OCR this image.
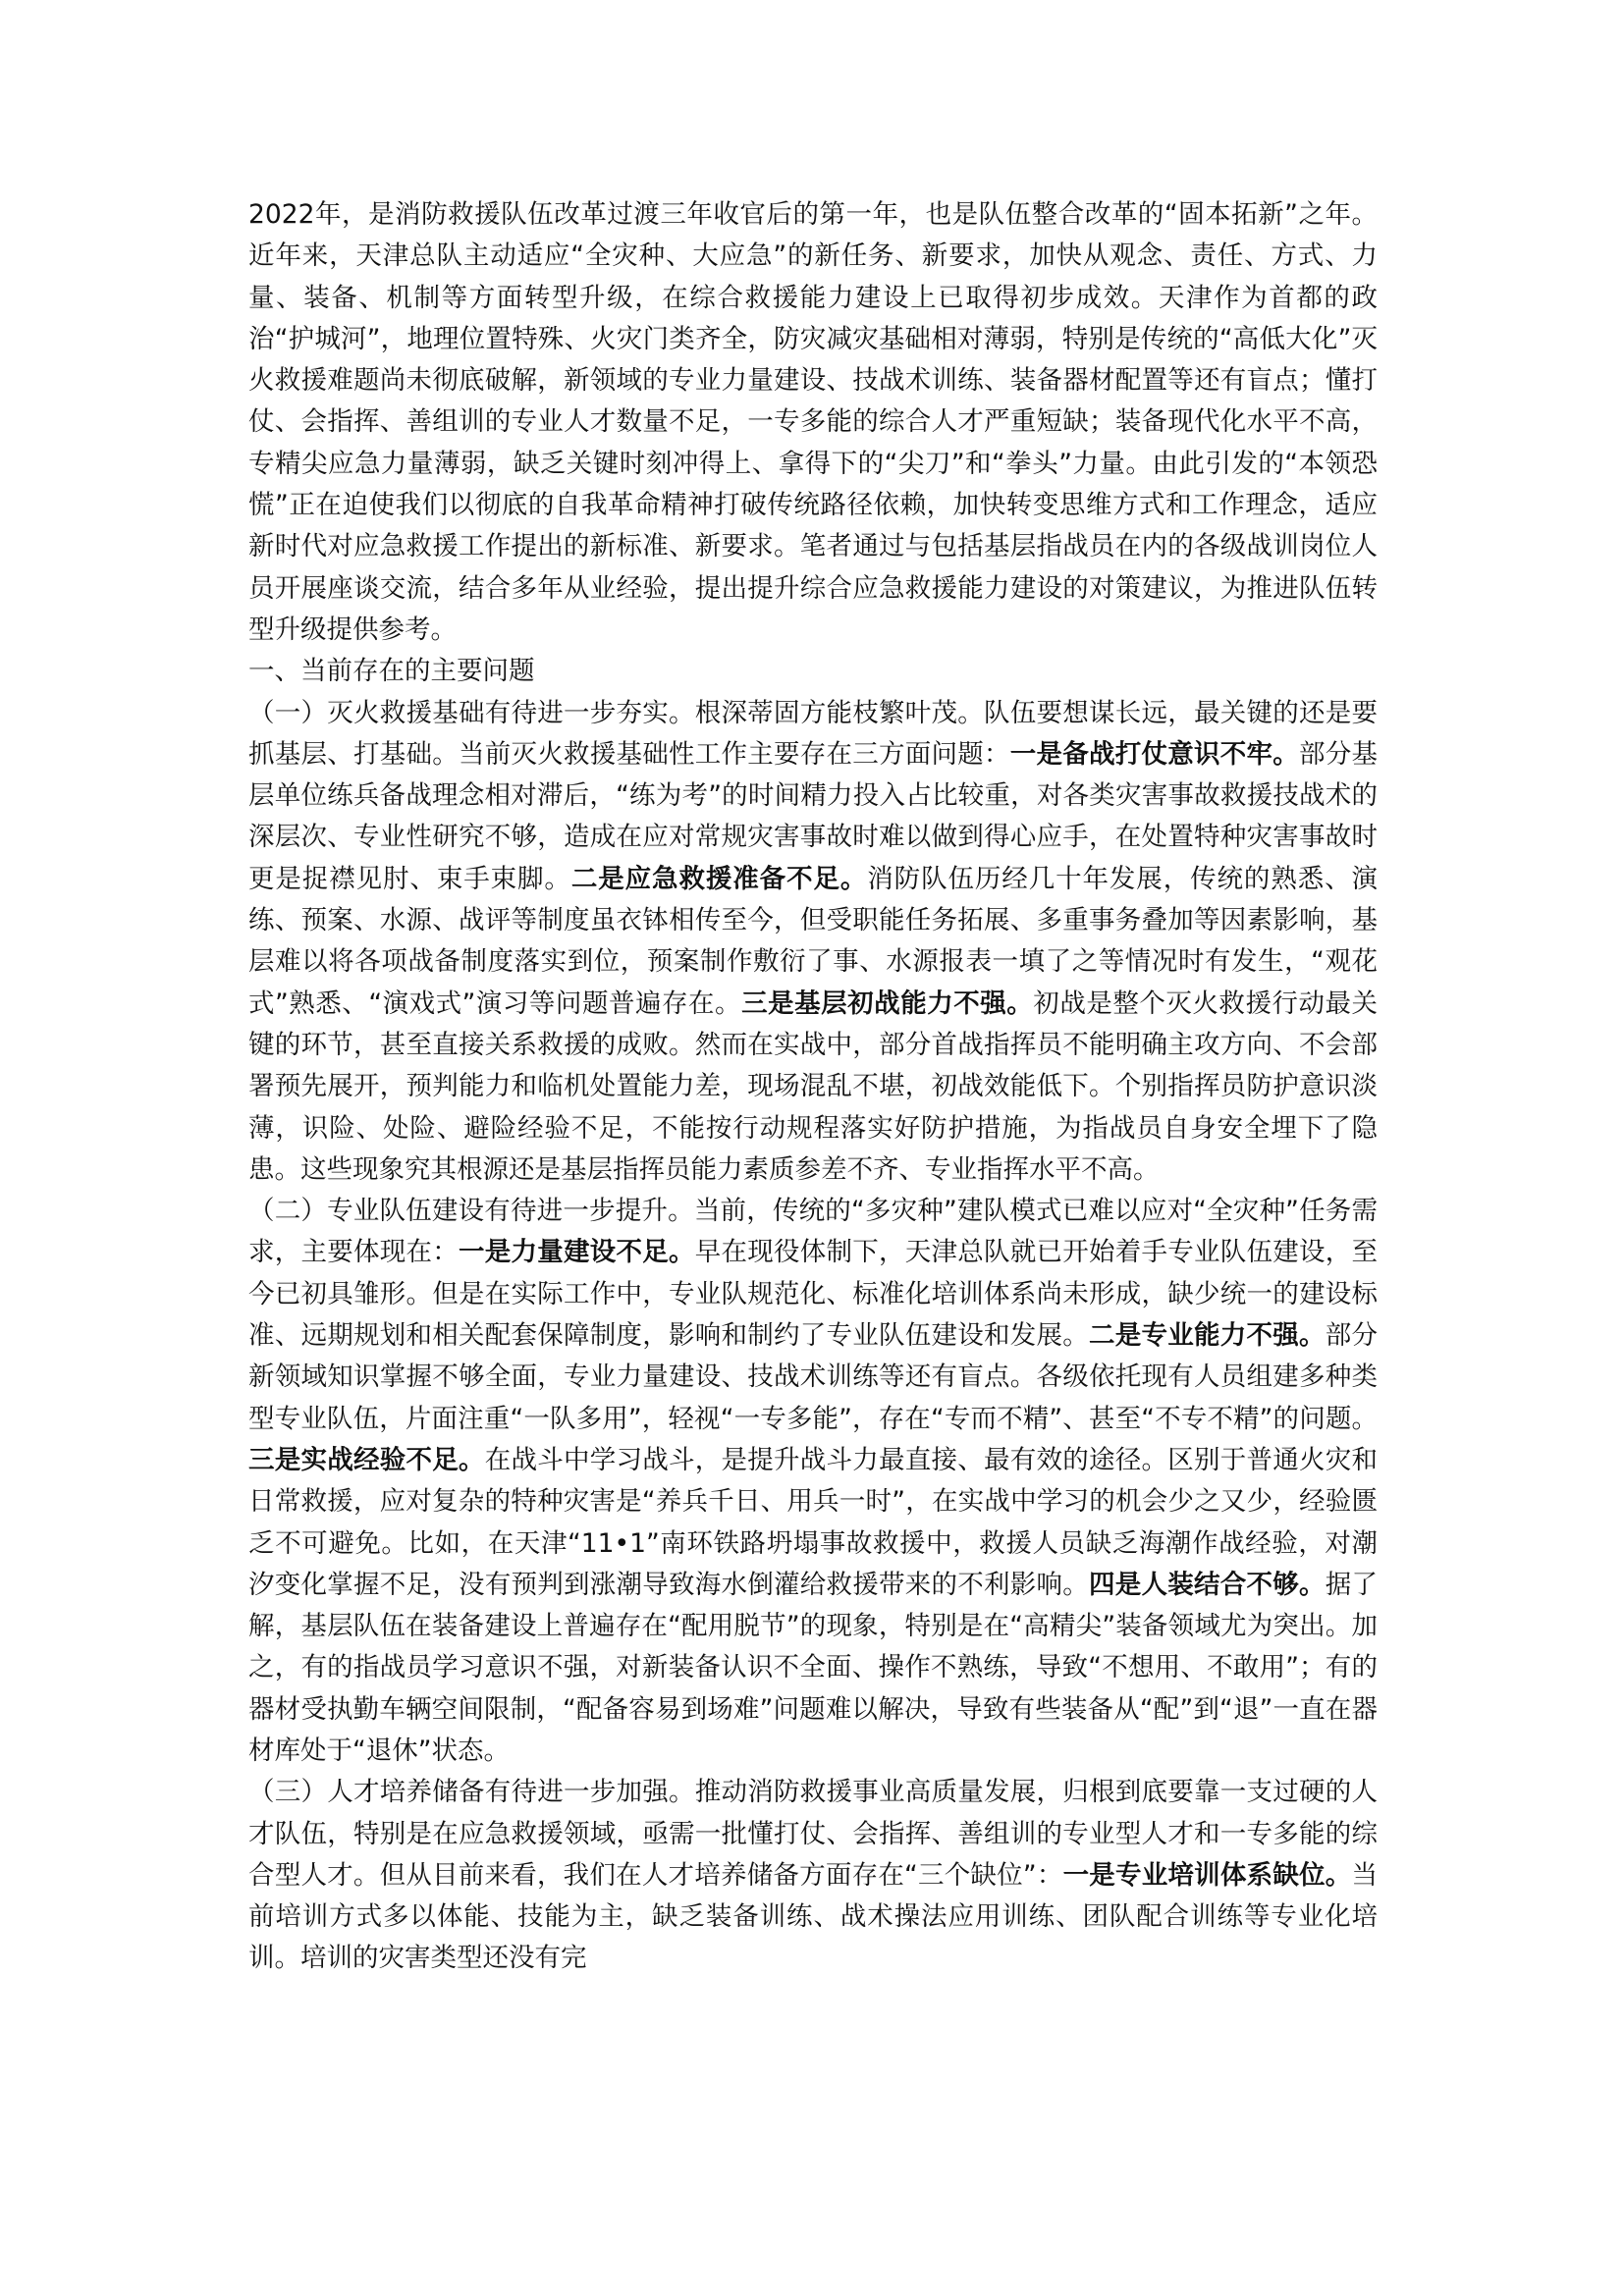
2022年，是消防救援队伍改革过渡三年收官后的第一年，也是队伍整合改革的“固本拓新”之年。近年来，天津总队主动适应“全灾种、大应急”的新任务、新要求，加快从观念、责任、方式、力量、装备、机制等方面转型升级，在综合救援能力建设上已取得初步成效。天津作为首都的政治“护城河”，地理位置特殊、火灾门类齐全，防灾减灾基础相对薄弱，特别是传统的“高低大化”灭火救援难题尚未彻底破解，新领域的专业力量建设、技战术训练、装备器材配置等还有盲点；懂打仗、会指挥、善组训的专业人才数量不足，一专多能的综合人才严重短缺；装备现代化水平不高，专精尖应急力量薄弱，缺乏关键时刻冲得上、拿得下的“尖刀”和“拳头”力量。由此引发的“本领恐慌”正在迫使我们以彻底的自我革命精神打破传统路径依赖，加快转变思维方式和工作理念，适应新时代对应急救援工作提出的新标准、新要求。笔者通过与包括基层指战员在内的各级战训岗位人员开展座谈交流，结合多年从业经验，提出提升综合应急救援能力建设的对策建议，为推进队伍转型升级提供参考。

一、当前存在的主要问题

（一）灭火救援基础有待进一步夯实。根深蒂固方能枝繁叶茂。队伍要想谋长远，最关键的还是要抓基层、打基础。当前灭火救援基础性工作主要存在三方面问题：一是备战打仗意识不牢。部分基层单位练兵备战理念相对滞后，“练为考”的时间精力投入占比较重，对各类灾害事故救援技战术的深层次、专业性研究不够，造成在应对常规灾害事故时难以做到得心应手，在处置特种灾害事故时更是捉襟见肘、束手束脚。二是应急救援准备不足。消防队伍历经几十年发展，传统的熟悉、演练、预案、水源、战评等制度虽衣钵相传至今，但受职能任务拓展、多重事务叠加等因素影响，基层难以将各项战备制度落实到位，预案制作敷衍了事、水源报表一填了之等情况时有发生，“观花式”熟悉、“演戏式”演习等问题普遍存在。三是基层初战能力不强。初战是整个灭火救援行动最关键的环节，甚至直接关系救援的成败。然而在实战中，部分首战指挥员不能明确主攻方向、不会部署预先展开，预判能力和临机处置能力差，现场混乱不堪，初战效能低下。个别指挥员防护意识淡薄，识险、处险、避险经验不足，不能按行动规程落实好防护措施，为指战员自身安全埋下了隐患。这些现象究其根源还是基层指挥员能力素质参差不齐、专业指挥水平不高。

（二）专业队伍建设有待进一步提升。当前，传统的“多灾种”建队模式已难以应对“全灾种”任务需求，主要体现在：一是力量建设不足。早在现役体制下，天津总队就已开始着手专业队伍建设，至今已初具雏形。但是在实际工作中，专业队规范化、标准化培训体系尚未形成，缺少统一的建设标准、远期规划和相关配套保障制度，影响和制约了专业队伍建设和发展。二是专业能力不强。部分新领域知识掌握不够全面，专业力量建设、技战术训练等还有盲点。各级依托现有人员组建多种类型专业队伍，片面注重“一队多用”，轻视“一专多能”，存在“专而不精”、甚至“不专不精”的问题。三是实战经验不足。在战斗中学习战斗，是提升战斗力最直接、最有效的途径。区别于普通火灾和日常救援，应对复杂的特种灾害是“养兵千日、用兵一时”，在实战中学习的机会少之又少，经验匮乏不可避免。比如，在天津“11•1”南环铁路坍塌事故救援中，救援人员缺乏海潮作战经验，对潮汐变化掌握不足，没有预判到涨潮导致海水倒灌给救援带来的不利影响。四是人装结合不够。据了解，基层队伍在装备建设上普遍存在“配用脱节”的现象，特别是在“高精尖”装备领域尤为突出。加之，有的指战员学习意识不强，对新装备认识不全面、操作不熟练，导致“不想用、不敢用”；有的器材受执勤车辆空间限制，“配备容易到场难”问题难以解决，导致有些装备从“配”到“退”一直在器材库处于“退休”状态。

（三）人才培养储备有待进一步加强。推动消防救援事业高质量发展，归根到底要靠一支过硬的人才队伍，特别是在应急救援领域，亟需一批懂打仗、会指挥、善组训的专业型人才和一专多能的综合型人才。但从目前来看，我们在人才培养储备方面存在“三个缺位”：一是专业培训体系缺位。当前培训方式多以体能、技能为主，缺乏装备训练、战术操法应用训练、团队配合训练等专业化培训。培训的灾害类型还没有完
